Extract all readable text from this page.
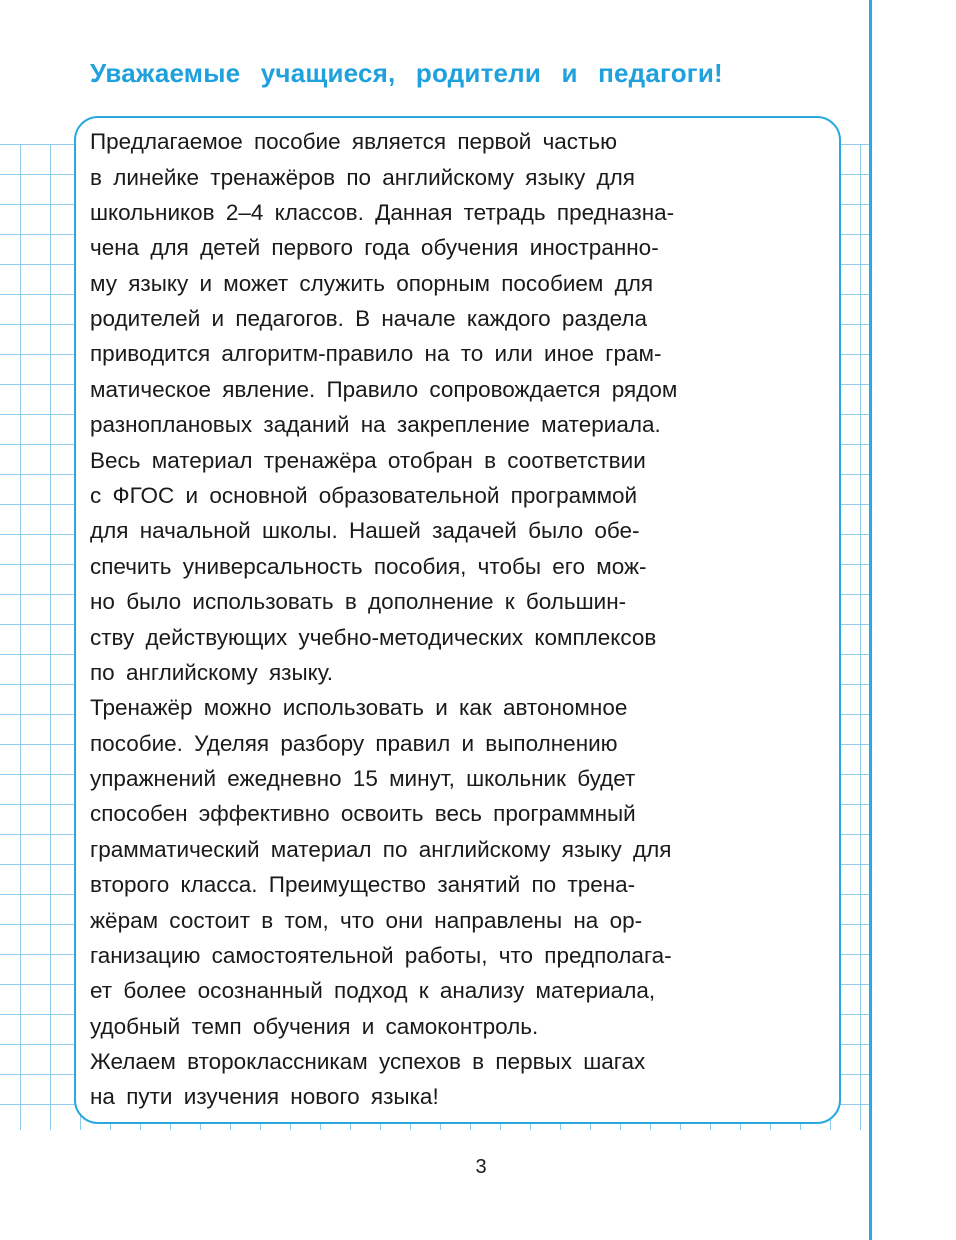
Уважаемые учащиеся, родители и педагоги!
Предлагаемое пособие является первой частью
в линейке тренажёров по английскому языку для
школьников 2–4 классов. Данная тетрадь предназна-
чена для детей первого года обучения иностранно-
му языку и может служить опорным пособием для
родителей и педагогов. В начале каждого раздела
приводится алгоритм-правило на то или иное грам-
матическое явление. Правило сопровождается рядом
разноплановых заданий на закрепление материала.
Весь материал тренажёра отобран в соответствии
с ФГОС и основной образовательной программой
для начальной школы. Нашей задачей было обе-
спечить универсальность пособия, чтобы его мож-
но было использовать в дополнение к большин-
ству действующих учебно-методических комплексов
по английскому языку.
Тренажёр можно использовать и как автономное
пособие. Уделяя разбору правил и выполнению
упражнений ежедневно 15 минут, школьник будет
способен эффективно освоить весь программный
грамматический материал по английскому языку для
второго класса. Преимущество занятий по трена-
жёрам состоит в том, что они направлены на ор-
ганизацию самостоятельной работы, что предполага-
ет более осознанный подход к анализу материала,
удобный темп обучения и самоконтроль.
Желаем второклассникам успехов в первых шагах
на пути изучения нового языка!
3
